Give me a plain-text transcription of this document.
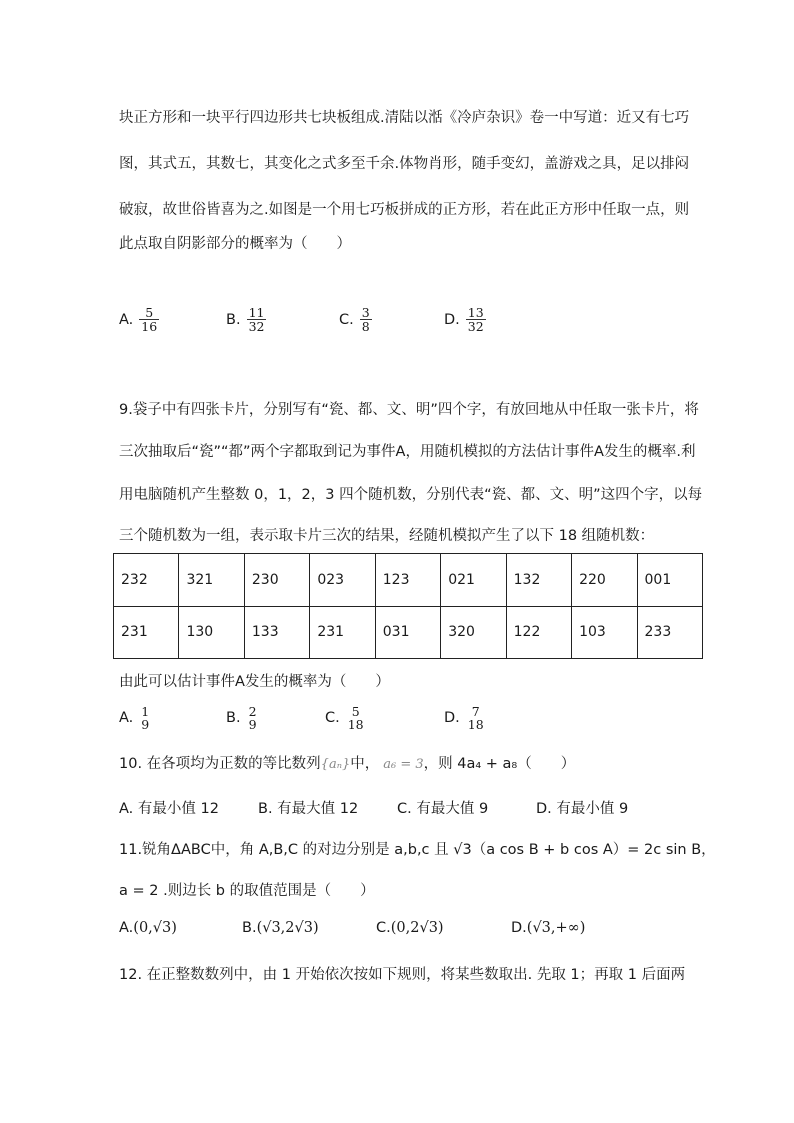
块正方形和一块平行四边形共七块板组成.清陆以湉《冷庐杂识》卷一中写道：近又有七巧
图，其式五，其数七，其变化之式多至千余.体物肖形，随手变幻，盖游戏之具，足以排闷
破寂，故世俗皆喜为之.如图是一个用七巧板拼成的正方形，若在此正方形中任取一点，则
此点取自阴影部分的概率为（　　）
A. $\frac{5}{16}$	B. $\frac{11}{32}$	C. $\frac{3}{8}$	D. $\frac{13}{32}$
9.袋子中有四张卡片，分别写有“瓷、都、文、明”四个字，有放回地从中任取一张卡片，将
三次抽取后“瓷”“都”两个字都取到记为事件A，用随机模拟的方法估计事件A发生的概率.利
用电脑随机产生整数 0，1，2，3 四个随机数，分别代表“瓷、都、文、明”这四个字，以每
三个随机数为一组，表示取卡片三次的结果，经随机模拟产生了以下 18 组随机数：
232	321	230	023	123	021	132	220	001
231	130	133	231	031	320	122	103	233
由此可以估计事件A发生的概率为（　　）
A. 1
9	B. 2
9	C. 5
18	D. 7
18
10. 在各项均为正数的等比数列{aₙ}中， a₆ = 3，则 4a₄ + a₈（　　）
A. 有最小值 12	B. 有最大值 12	C. 有最大值 9	D. 有最小值 9
11.锐角ΔABC中，角 A,B,C 的对边分别是 a,b,c 且 √3（a cos B + b cos A）= 2c sin B，
a = 2 .则边长 b 的取值范围是（　　）
A.(0,√3)	B.(√3,2√3)	C.(0,2√3)	D.(√3,+∞)
12. 在正整数数列中，由 1 开始依次按如下规则，将某些数取出. 先取 1；再取 1 后面两
